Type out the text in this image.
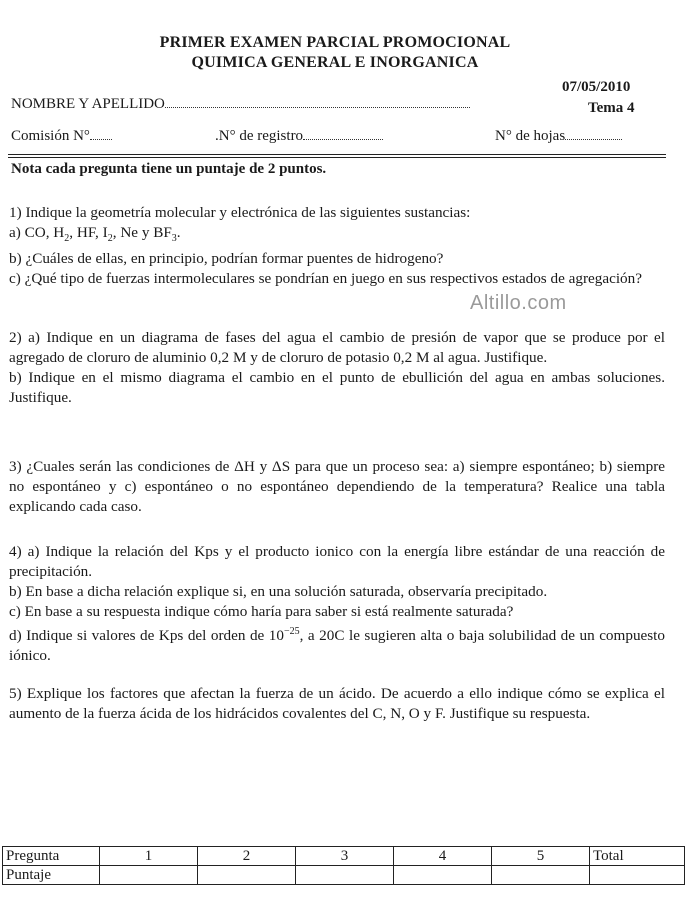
PRIMER EXAMEN PARCIAL PROMOCIONAL
QUIMICA GENERAL E INORGANICA
07/05/2010
Tema 4
NOMBRE Y APELLIDO
Comisión N°	.N° de registro	N° de hojas
Nota cada pregunta tiene un puntaje de 2 puntos.

1) Indique la geometría molecular y electrónica de las siguientes sustancias:

a) CO, $H_2$, HF, $I_2$, Ne y $BF_3$.

b) ¿Cuáles de ellas, en principio, podrían formar puentes de hidrogeno?

c) ¿Qué tipo de fuerzas intermoleculares se pondrían en juego en sus respectivos estados de agregación?

Altillo.com

2) a) Indique en un diagrama de fases del agua el cambio de presión de vapor que se produce por el agregado de cloruro de aluminio 0,2 M y de cloruro de potasio 0,2 M al agua. Justifique.

b) Indique en el mismo diagrama el cambio en el punto de ebullición del agua en ambas soluciones. Justifique.

3) ¿Cuales serán las condiciones de ΔH y ΔS para que un proceso sea: a) siempre espontáneo; b) siempre no espontáneo y c) espontáneo o no espontáneo dependiendo de la temperatura? Realice una tabla explicando cada caso.

4) a) Indique la relación del Kps y el producto ionico con la energía libre estándar de una reacción de precipitación.

b) En base a dicha relación explique si, en una solución saturada, observaría precipitado.

c) En base a su respuesta indique cómo haría para saber si está realmente saturada?

d) Indique si valores de Kps del orden de $10^{-25}$, a 20C le sugieren alta o baja solubilidad de un compuesto iónico.

5) Explique los factores que afectan la fuerza de un ácido. De acuerdo a ello indique cómo se explica el aumento de la fuerza ácida de los hidrácidos covalentes del C, N, O y F. Justifique su respuesta.

Pregunta	1	2	3	4	5	Total
Puntaje						
